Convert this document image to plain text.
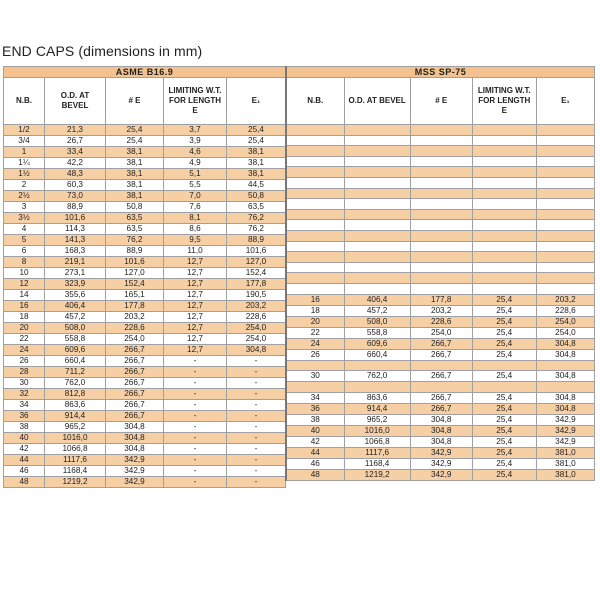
END CAPS (dimensions in mm)
ASME B16.9				
N.B.	O.D. AT BEVEL	# E	LIMITING W.T. FOR LENGTH E	E₁
1/2	21,3	25,4	3,7	25,4
3/4	26,7	25,4	3,9	25,4
1	33,4	38,1	4,6	38,1
1¼	42,2	38,1	4,9	38,1
1½	48,3	38,1	5,1	38,1
2	60,3	38,1	5,5	44,5
2½	73,0	38,1	7,0	50,8
3	88,9	50,8	7,6	63,5
3½	101,6	63,5	8,1	76,2
4	114,3	63,5	8,6	76,2
5	141,3	76,2	9,5	88,9
6	168,3	88,9	11,0	101,6
8	219,1	101,6	12,7	127,0
10	273,1	127,0	12,7	152,4
12	323,9	152,4	12,7	177,8
14	355,6	165,1	12,7	190,5
16	406,4	177,8	12,7	203,2
18	457,2	203,2	12,7	228,6
20	508,0	228,6	12,7	254,0
22	558,8	254,0	12,7	254,0
24	609,6	266,7	12,7	304,8
26	660,4	266,7	-	-
28	711,2	266,7	-	-
30	762,0	266,7	-	-
32	812,8	266,7	-	-
34	863,6	266,7	-	-
36	914,4	266,7	-	-
38	965,2	304,8	-	-
40	1016,0	304,8	-	-
42	1066,8	304,8	-	-
44	1117,6	342,9	-	-
46	1168,4	342,9	-	-
48	1219,2	342,9	-	-
MSS SP-75				
N.B.	O.D. AT BEVEL	# E	LIMITING W.T. FOR LENGTH E	E₁

16	406,4	177,8	25,4	203,2
18	457,2	203,2	25,4	228,6
20	508,0	228,6	25,4	254,0
22	558,8	254,0	25,4	254,0
24	609,6	266,7	25,4	304,8
26	660,4	266,7	25,4	304,8

30	762,0	266,7	25,4	304,8

34	863,6	266,7	25,4	304,8
36	914,4	266,7	25,4	304,8
38	965,2	304,8	25,4	342,9
40	1016,0	304,8	25,4	342,9
42	1066,8	304,8	25,4	342,9
44	1117,6	342,9	25,4	381,0
46	1168,4	342,9	25,4	381,0
48	1219,2	342,9	25,4	381,0
